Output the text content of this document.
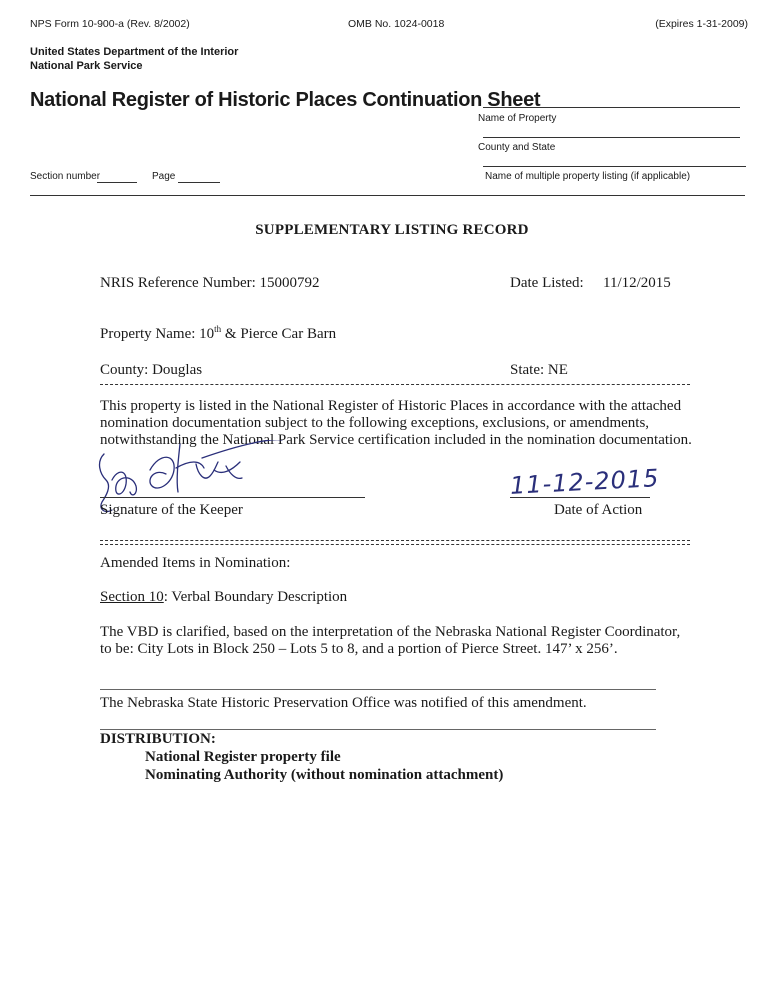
NPS Form 10-900-a (Rev. 8/2002)	OMB No. 1024-0018	(Expires 1-31-2009)
United States Department of the Interior
National Park Service
National Register of Historic Places Continuation Sheet
Name of Property
County and State
Name of multiple property listing (if applicable)
Section number	Page
SUPPLEMENTARY LISTING RECORD
NRIS Reference Number: 15000792	Date Listed: 11/12/2015
Property Name: 10th & Pierce Car Barn
County: Douglas	State: NE
This property is listed in the National Register of Historic Places in accordance with the attached
nomination documentation subject to the following exceptions, exclusions, or amendments,
notwithstanding the National Park Service certification included in the nomination documentation.
Signature of the Keeper
11-12-2015
Date of Action
Amended Items in Nomination:
Section 10: Verbal Boundary Description
The VBD is clarified, based on the interpretation of the Nebraska National Register Coordinator,
to be: City Lots in Block 250 – Lots 5 to 8, and a portion of Pierce Street. 147’ x 256’.
The Nebraska State Historic Preservation Office was notified of this amendment.
DISTRIBUTION:
National Register property file
Nominating Authority (without nomination attachment)
